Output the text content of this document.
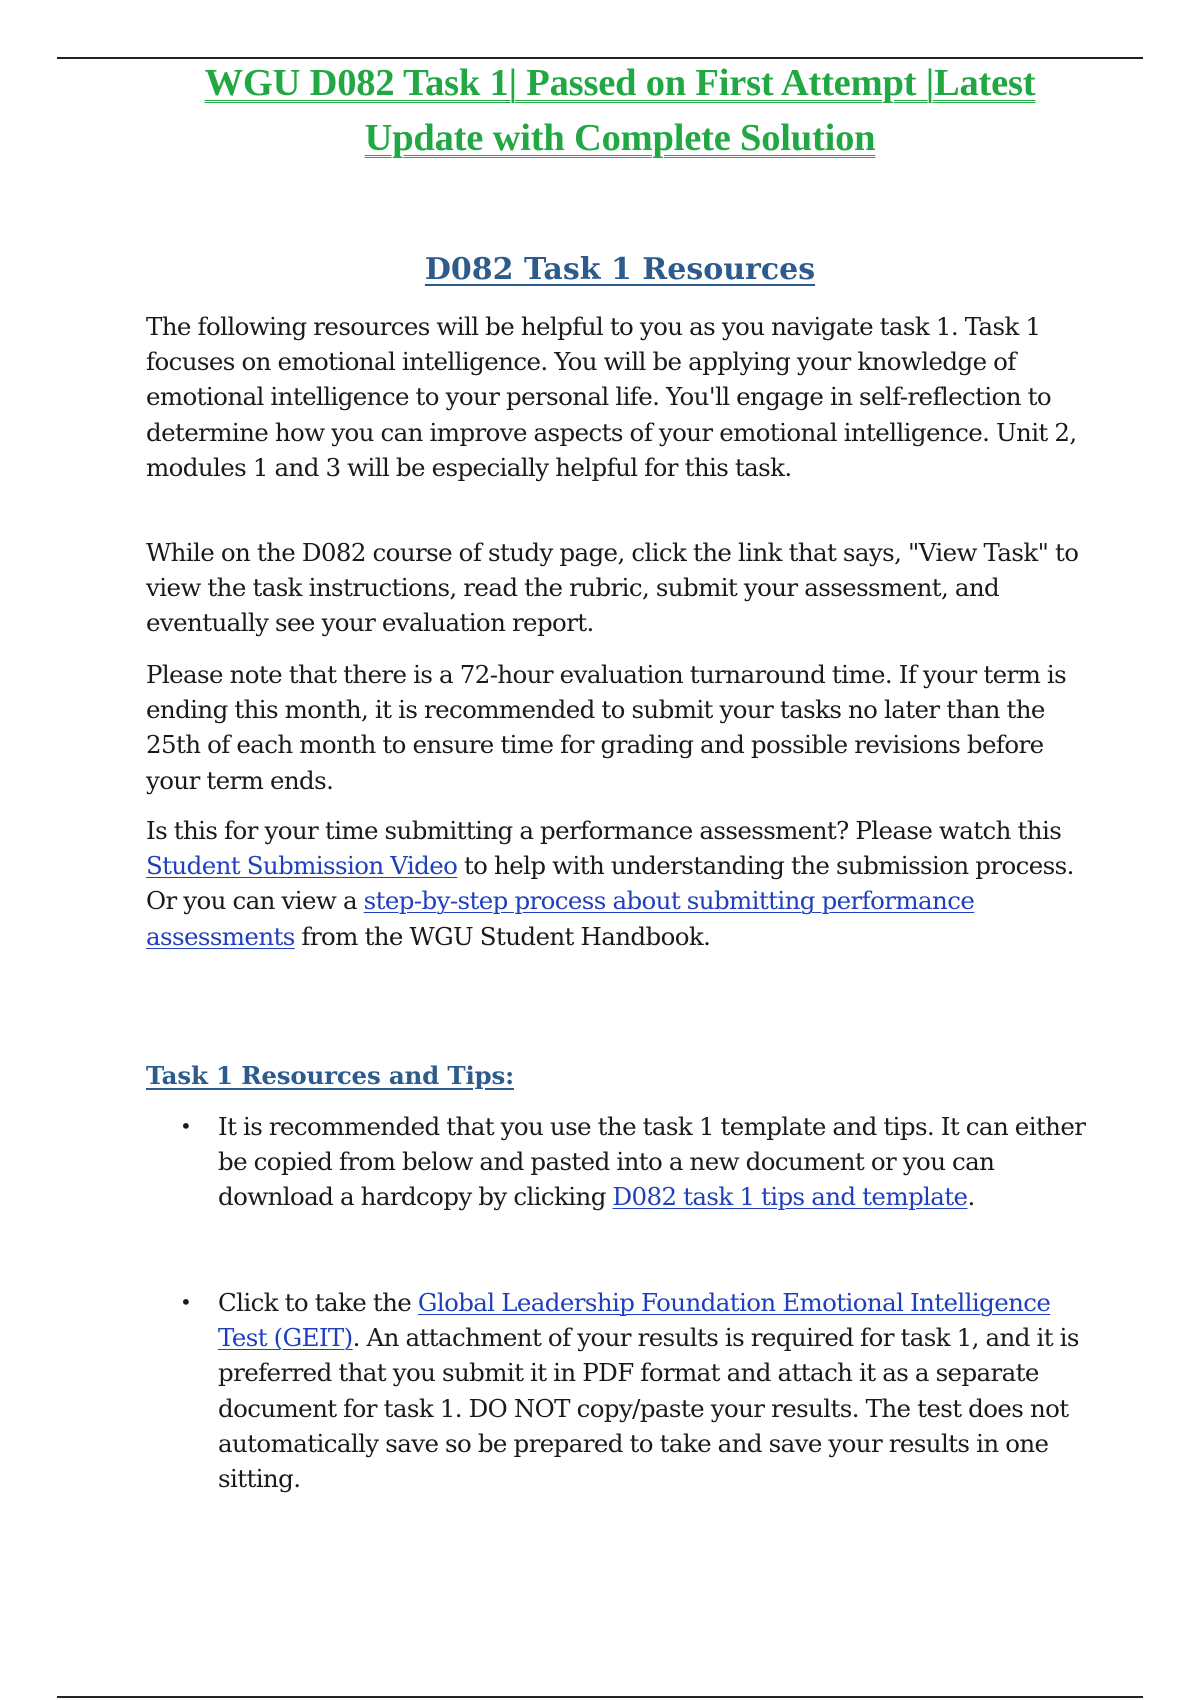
WGU D082 Task 1| Passed on First Attempt |Latest
Update with Complete Solution
D082 Task 1 Resources

The following resources will be helpful to you as you navigate task 1. Task 1 focuses on emotional intelligence. You will be applying your knowledge of emotional intelligence to your personal life. You'll engage in self-reflection to determine how you can improve aspects of your emotional intelligence. Unit 2, modules 1 and 3 will be especially helpful for this task.

While on the D082 course of study page, click the link that says, "View Task" to view the task instructions, read the rubric, submit your assessment, and eventually see your evaluation report.

Please note that there is a 72-hour evaluation turnaround time. If your term is ending this month, it is recommended to submit your tasks no later than the 25th of each month to ensure time for grading and possible revisions before your term ends.

Is this for your time submitting a performance assessment? Please watch this Student Submission Video to help with understanding the submission process. Or you can view a step-by-step process about submitting performance assessments from the WGU Student Handbook.

Task 1 Resources and Tips:
• It is recommended that you use the task 1 template and tips. It can either be copied from below and pasted into a new document or you can download a hardcopy by clicking D082 task 1 tips and template.
• Click to take the Global Leadership Foundation Emotional Intelligence Test (GEIT). An attachment of your results is required for task 1, and it is preferred that you submit it in PDF format and attach it as a separate document for task 1. DO NOT copy/paste your results. The test does not automatically save so be prepared to take and save your results in one sitting.
